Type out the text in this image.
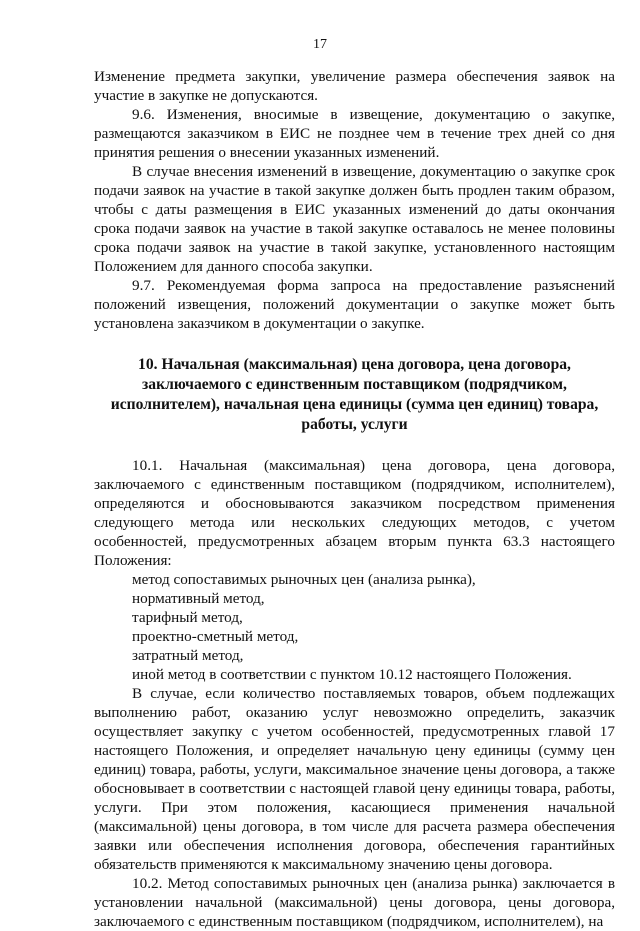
17

Изменение предмета закупки, увеличение размера обеспечения заявок на участие в закупке не допускаются.

9.6. Изменения, вносимые в извещение, документацию о закупке, размещаются заказчиком в ЕИС не позднее чем в течение трех дней со дня принятия решения о внесении указанных изменений.

В случае внесения изменений в извещение, документацию о закупке срок подачи заявок на участие в такой закупке должен быть продлен таким образом, чтобы с даты размещения в ЕИС указанных изменений до даты окончания срока подачи заявок на участие в такой закупке оставалось не менее половины срока подачи заявок на участие в такой закупке, установленного настоящим Положением для данного способа закупки.

9.7. Рекомендуемая форма запроса на предоставление разъяснений положений извещения, положений документации о закупке может быть установлена заказчиком в документации о закупке.

10. Начальная (максимальная) цена договора, цена договора, заключаемого с единственным поставщиком (подрядчиком, исполнителем), начальная цена единицы (сумма цен единиц) товара, работы, услуги

10.1. Начальная (максимальная) цена договора, цена договора, заключаемого с единственным поставщиком (подрядчиком, исполнителем), определяются и обосновываются заказчиком посредством применения следующего метода или нескольких следующих методов, с учетом особенностей, предусмотренных абзацем вторым пункта 63.3 настоящего Положения:

метод сопоставимых рыночных цен (анализа рынка),

нормативный метод,

тарифный метод,

проектно-сметный метод,

затратный метод,

иной метод в соответствии с пунктом 10.12 настоящего Положения.

В случае, если количество поставляемых товаров, объем подлежащих выполнению работ, оказанию услуг невозможно определить, заказчик осуществляет закупку с учетом особенностей, предусмотренных главой 17 настоящего Положения, и определяет начальную цену единицы (сумму цен единиц) товара, работы, услуги, максимальное значение цены договора, а также обосновывает в соответствии с настоящей главой цену единицы товара, работы, услуги. При этом положения, касающиеся применения начальной (максимальной) цены договора, в том числе для расчета размера обеспечения заявки или обеспечения исполнения договора, обеспечения гарантийных обязательств применяются к максимальному значению цены договора.

10.2. Метод сопоставимых рыночных цен (анализа рынка) заключается в установлении начальной (максимальной) цены договора, цены договора, заключаемого с единственным поставщиком (подрядчиком, исполнителем), на
